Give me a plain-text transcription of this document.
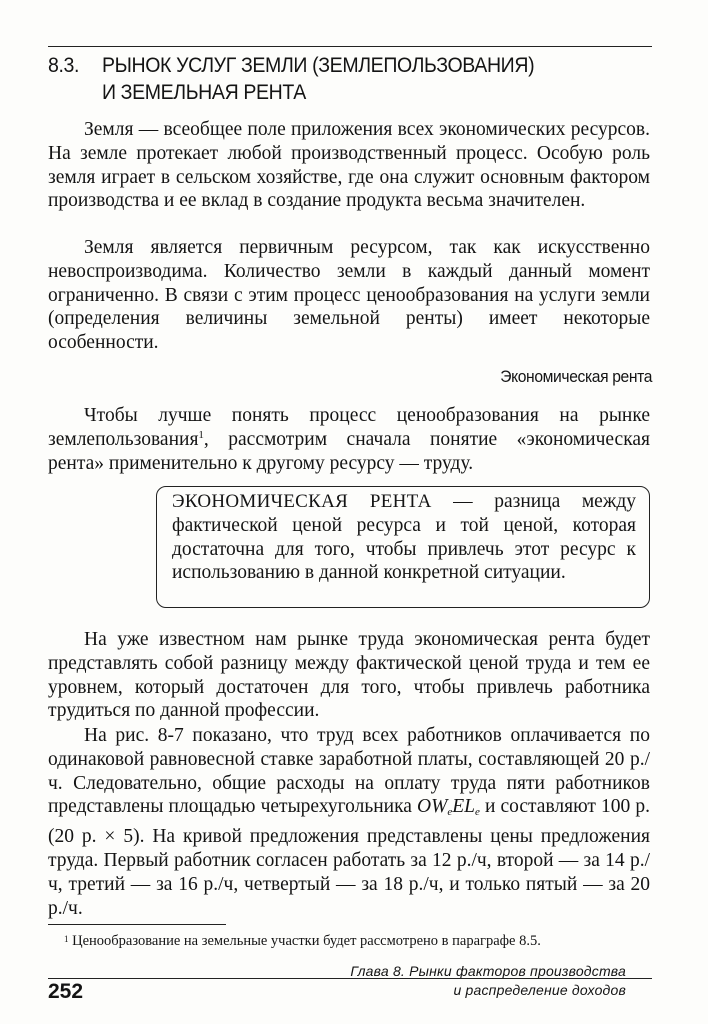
8.3. РЫНОК УСЛУГ ЗЕМЛИ (ЗЕМЛЕПОЛЬЗОВАНИЯ)
И ЗЕМЕЛЬНАЯ РЕНТА

Земля — всеобщее поле приложения всех экономических ресурсов. На земле протекает любой производственный процесс. Особую роль земля играет в сельском хозяйстве, где она служит основным фактором производства и ее вклад в создание продукта весьма значителен.

Земля является первичным ресурсом, так как искусственно невоспроизводима. Количество земли в каждый данный момент ограниченно. В связи с этим процесс ценообразования на услуги земли (определения величины земельной ренты) имеет некоторые особенности.

Экономическая рента

Чтобы лучше понять процесс ценообразования на рынке землепользования$^1$, рассмотрим сначала понятие «экономическая рента» применительно к другому ресурсу — труду.

ЭКОНОМИЧЕСКАЯ РЕНТА — разница между фактической ценой ресурса и той ценой, которая достаточна для того, чтобы привлечь этот ресурс к использованию в данной конкретной ситуации.

На уже известном нам рынке труда экономическая рента будет представлять собой разницу между фактической ценой труда и тем ее уровнем, который достаточен для того, чтобы привлечь работника трудиться по данной профессии.

На рис. 8-7 показано, что труд всех работников оплачивается по одинаковой равновесной ставке заработной платы, составляющей 20 р./ч. Следовательно, общие расходы на оплату труда пяти работников представлены площадью четырехугольника $OW_eEL_e$ и составляют 100 р. (20 р. × 5). На кривой предложения представлены цены предложения труда. Первый работник согласен работать за 12 р./ч, второй — за 14 р./ч, третий — за 16 р./ч, четвертый — за 18 р./ч, и только пятый — за 20 р./ч.

$^1$ Ценообразование на земельные участки будет рассмотрено в параграфе 8.5.
Глава 8. Рынки факторов производства
и распределение доходов
252
